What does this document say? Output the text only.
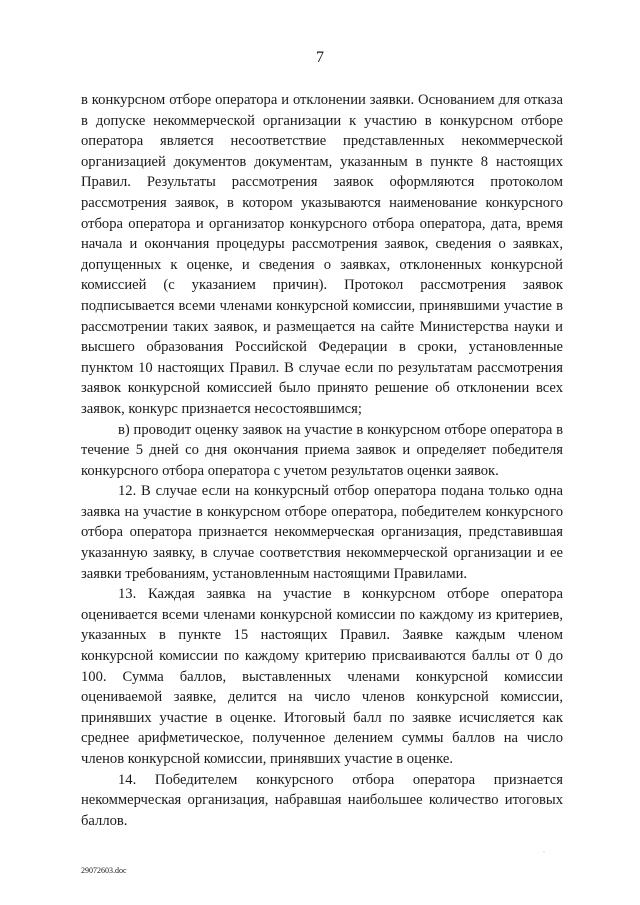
7

в конкурсном отборе оператора и отклонении заявки. Основанием для отказа в допуске некоммерческой организации к участию в конкурсном отборе оператора является несоответствие представленных некоммерческой организацией документов документам, указанным в пункте 8 настоящих Правил. Результаты рассмотрения заявок оформляются протоколом рассмотрения заявок, в котором указываются наименование конкурсного отбора оператора и организатор конкурсного отбора оператора, дата, время начала и окончания процедуры рассмотрения заявок, сведения о заявках, допущенных к оценке, и сведения о заявках, отклоненных конкурсной комиссией (с указанием причин). Протокол рассмотрения заявок подписывается всеми членами конкурсной комиссии, принявшими участие в рассмотрении таких заявок, и размещается на сайте Министерства науки и высшего образования Российской Федерации в сроки, установленные пунктом 10 настоящих Правил. В случае если по результатам рассмотрения заявок конкурсной комиссией было принято решение об отклонении всех заявок, конкурс признается несостоявшимся;

в) проводит оценку заявок на участие в конкурсном отборе оператора в течение 5 дней со дня окончания приема заявок и определяет победителя конкурсного отбора оператора с учетом результатов оценки заявок.

12. В случае если на конкурсный отбор оператора подана только одна заявка на участие в конкурсном отборе оператора, победителем конкурсного отбора оператора признается некоммерческая организация, представившая указанную заявку, в случае соответствия некоммерческой организации и ее заявки требованиям, установленным настоящими Правилами.

13. Каждая заявка на участие в конкурсном отборе оператора оценивается всеми членами конкурсной комиссии по каждому из критериев, указанных в пункте 15 настоящих Правил. Заявке каждым членом конкурсной комиссии по каждому критерию присваиваются баллы от 0 до 100. Сумма баллов, выставленных членами конкурсной комиссии оцениваемой заявке, делится на число членов конкурсной комиссии, принявших участие в оценке. Итоговый балл по заявке исчисляется как среднее арифметическое, полученное делением суммы баллов на число членов конкурсной комиссии, принявших участие в оценке.

14. Победителем конкурсного отбора оператора признается некоммерческая организация, набравшая наибольшее количество итоговых баллов.

`
29072603.doc
